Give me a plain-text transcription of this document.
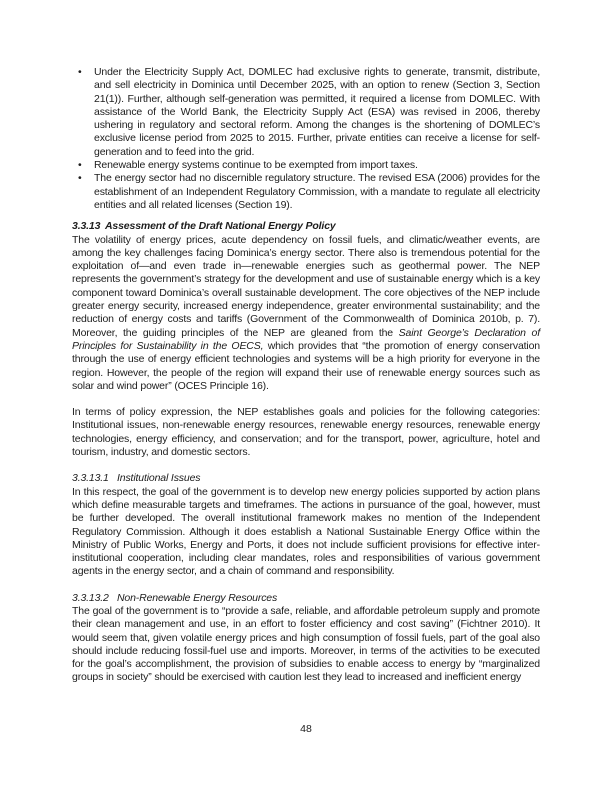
• Under the Electricity Supply Act, DOMLEC had exclusive rights to generate, transmit, distribute, and sell electricity in Dominica until December 2025, with an option to renew (Section 3, Section 21(1)). Further, although self-generation was permitted, it required a license from DOMLEC. With assistance of the World Bank, the Electricity Supply Act (ESA) was revised in 2006, thereby ushering in regulatory and sectoral reform. Among the changes is the shortening of DOMLEC’s exclusive license period from 2025 to 2015. Further, private entities can receive a license for self-generation and to feed into the grid.
• Renewable energy systems continue to be exempted from import taxes.
• The energy sector had no discernible regulatory structure. The revised ESA (2006) provides for the establishment of an Independent Regulatory Commission, with a mandate to regulate all electricity entities and all related licenses (Section 19).
3.3.13 Assessment of the Draft National Energy Policy

The volatility of energy prices, acute dependency on fossil fuels, and climatic/weather events, are among the key challenges facing Dominica’s energy sector. There also is tremendous potential for the exploitation of—and even trade in—renewable energies such as geothermal power. The NEP represents the government’s strategy for the development and use of sustainable energy which is a key component toward Dominica’s overall sustainable development. The core objectives of the NEP include greater energy security, increased energy independence, greater environmental sustainability; and the reduction of energy costs and tariffs (Government of the Commonwealth of Dominica 2010b, p. 7). Moreover, the guiding principles of the NEP are gleaned from the Saint George’s Declaration of Principles for Sustainability in the OECS, which provides that “the promotion of energy conservation through the use of energy efficient technologies and systems will be a high priority for everyone in the region. However, the people of the region will expand their use of renewable energy sources such as solar and wind power” (OCES Principle 16).

In terms of policy expression, the NEP establishes goals and policies for the following categories: Institutional issues, non-renewable energy resources, renewable energy resources, renewable energy technologies, energy efficiency, and conservation; and for the transport, power, agriculture, hotel and tourism, industry, and domestic sectors.

3.3.13.1 Institutional Issues

In this respect, the goal of the government is to develop new energy policies supported by action plans which define measurable targets and timeframes. The actions in pursuance of the goal, however, must be further developed. The overall institutional framework makes no mention of the Independent Regulatory Commission. Although it does establish a National Sustainable Energy Office within the Ministry of Public Works, Energy and Ports, it does not include sufficient provisions for effective inter-institutional cooperation, including clear mandates, roles and responsibilities of various government agents in the energy sector, and a chain of command and responsibility.

3.3.13.2 Non-Renewable Energy Resources

The goal of the government is to “provide a safe, reliable, and affordable petroleum supply and promote their clean management and use, in an effort to foster efficiency and cost saving” (Fichtner 2010). It would seem that, given volatile energy prices and high consumption of fossil fuels, part of the goal also should include reducing fossil-fuel use and imports. Moreover, in terms of the activities to be executed for the goal’s accomplishment, the provision of subsidies to enable access to energy by “marginalized groups in society” should be exercised with caution lest they lead to increased and inefficient energy

48
